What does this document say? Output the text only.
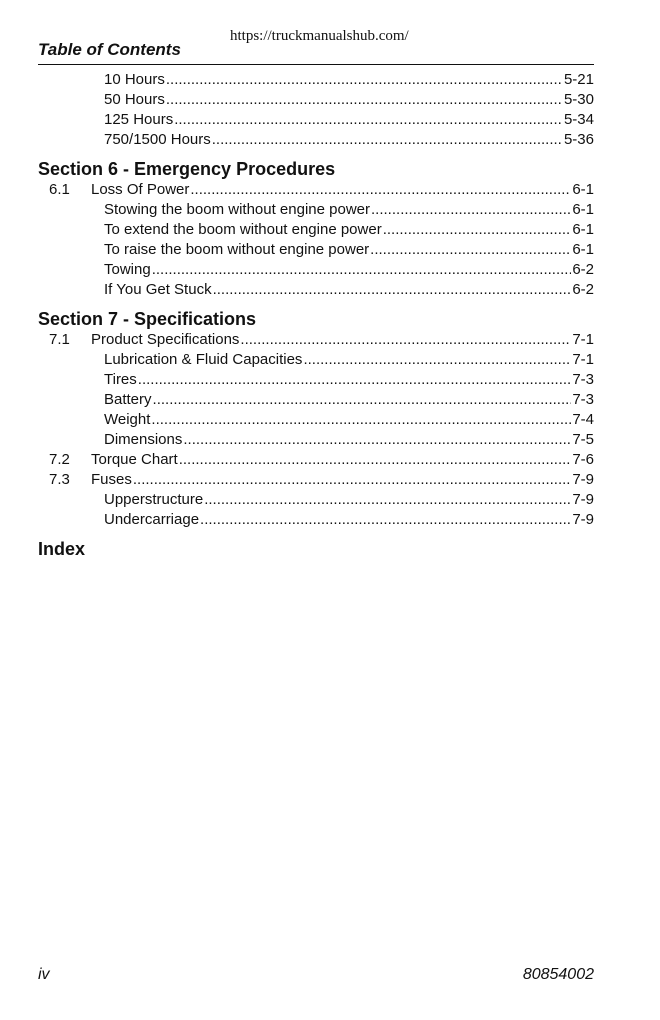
https://truckmanualshub.com/
Table of Contents
10 Hours .....	5-21
50 Hours .....	5-30
125 Hours .....	5-34
750/1500 Hours .....	5-36
Section 6 - Emergency Procedures
6.1 Loss Of Power .....	6-1
Stowing the boom without engine power .....	6-1
To extend the boom without engine power .....	6-1
To raise the boom without engine power .....	6-1
Towing .....	6-2
If You Get Stuck .....	6-2
Section 7 - Specifications
7.1 Product Specifications .....	7-1
Lubrication & Fluid Capacities .....	7-1
Tires .....	7-3
Battery .....	7-3
Weight .....	7-4
Dimensions .....	7-5
7.2 Torque Chart .....	7-6
7.3 Fuses .....	7-9
Upperstructure .....	7-9
Undercarriage .....	7-9
Index
iv	80854002
